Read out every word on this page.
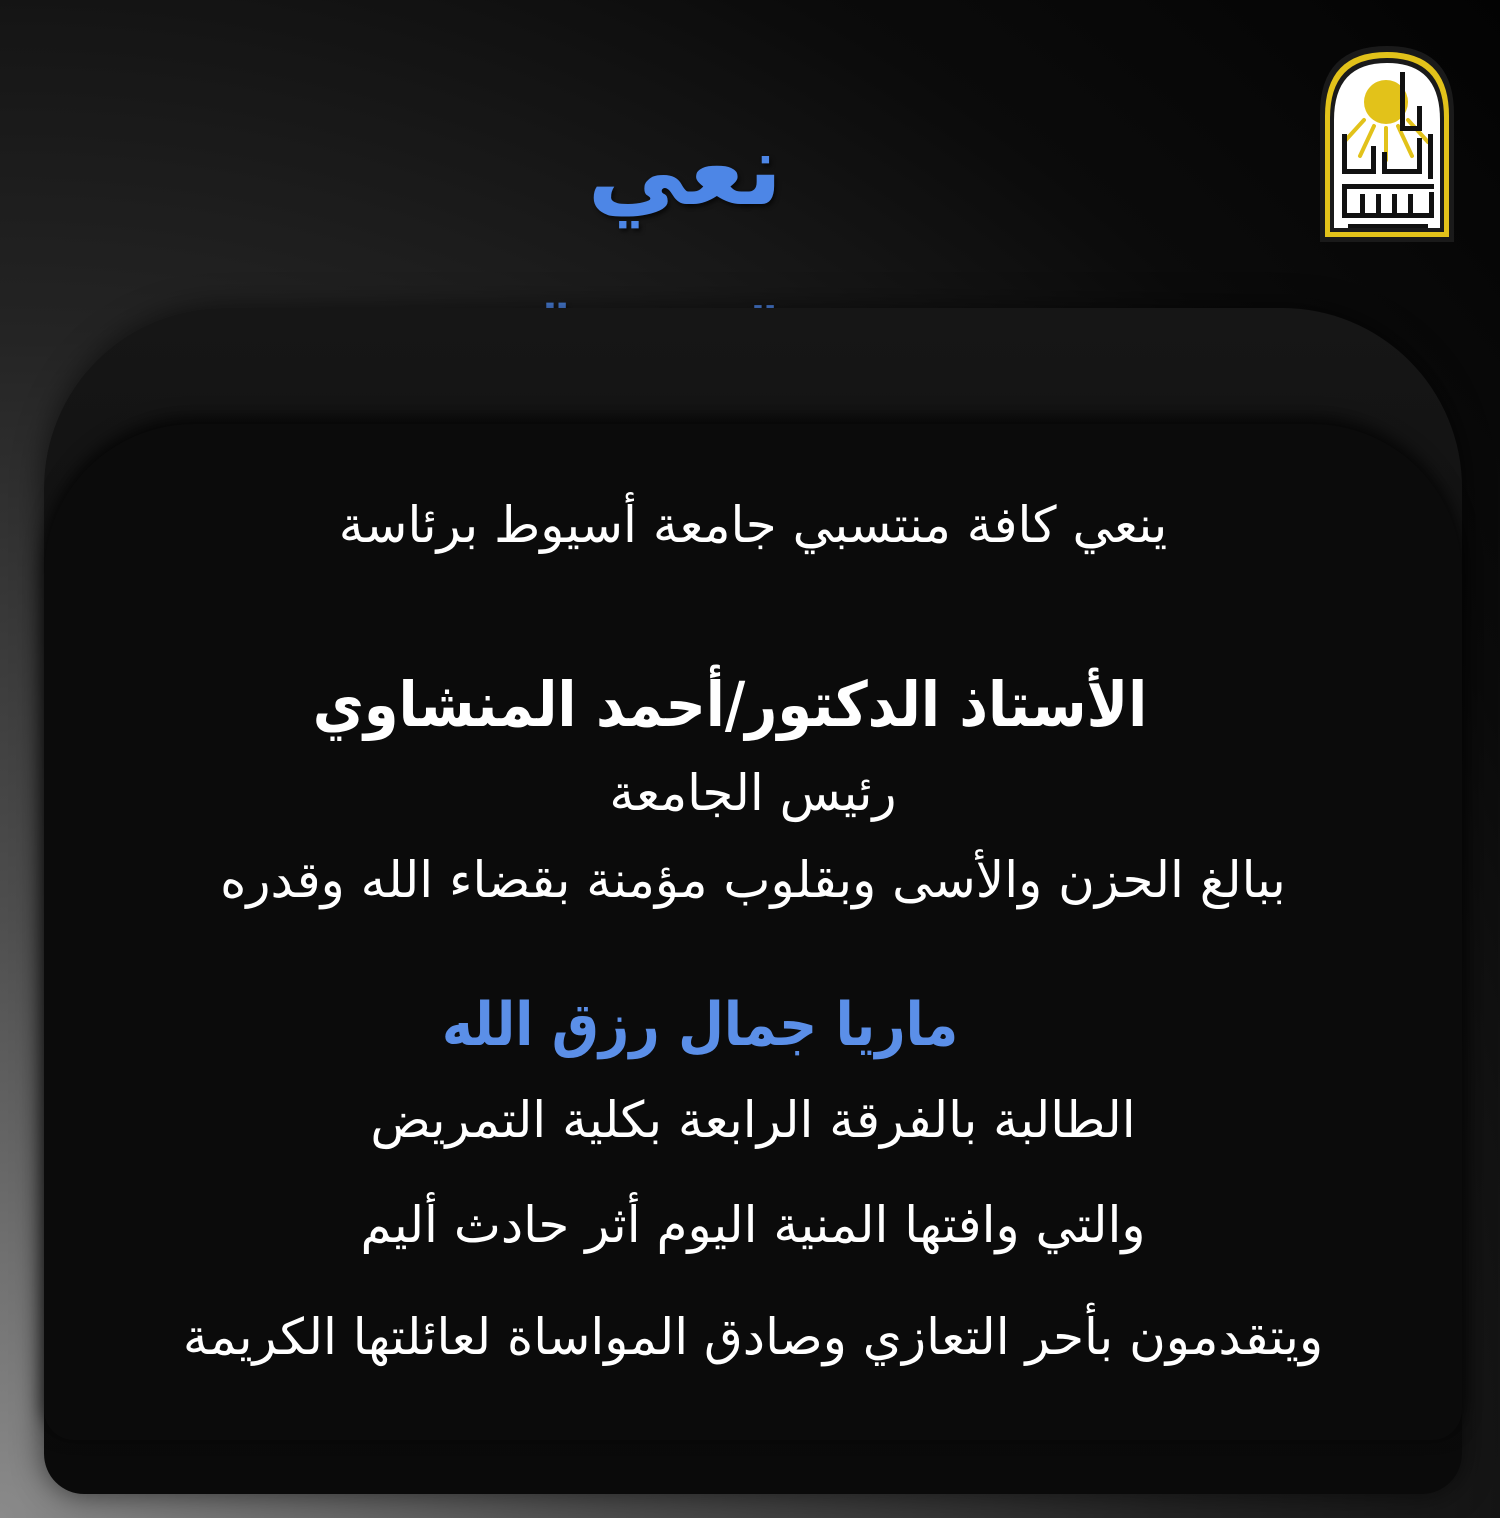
نعي

ينعي كافة منتسبي جامعة أسيوط برئاسة

الأستاذ الدكتور/أحمد المنشاوي

رئيس الجامعة

ببالغ الحزن والأسى وبقلوب مؤمنة بقضاء الله وقدره

ماريا جمال رزق الله

الطالبة بالفرقة الرابعة بكلية التمريض

والتي وافتها المنية اليوم أثر حادث أليم

ويتقدمون بأحر التعازي وصادق المواساة لعائلتها الكريمة
